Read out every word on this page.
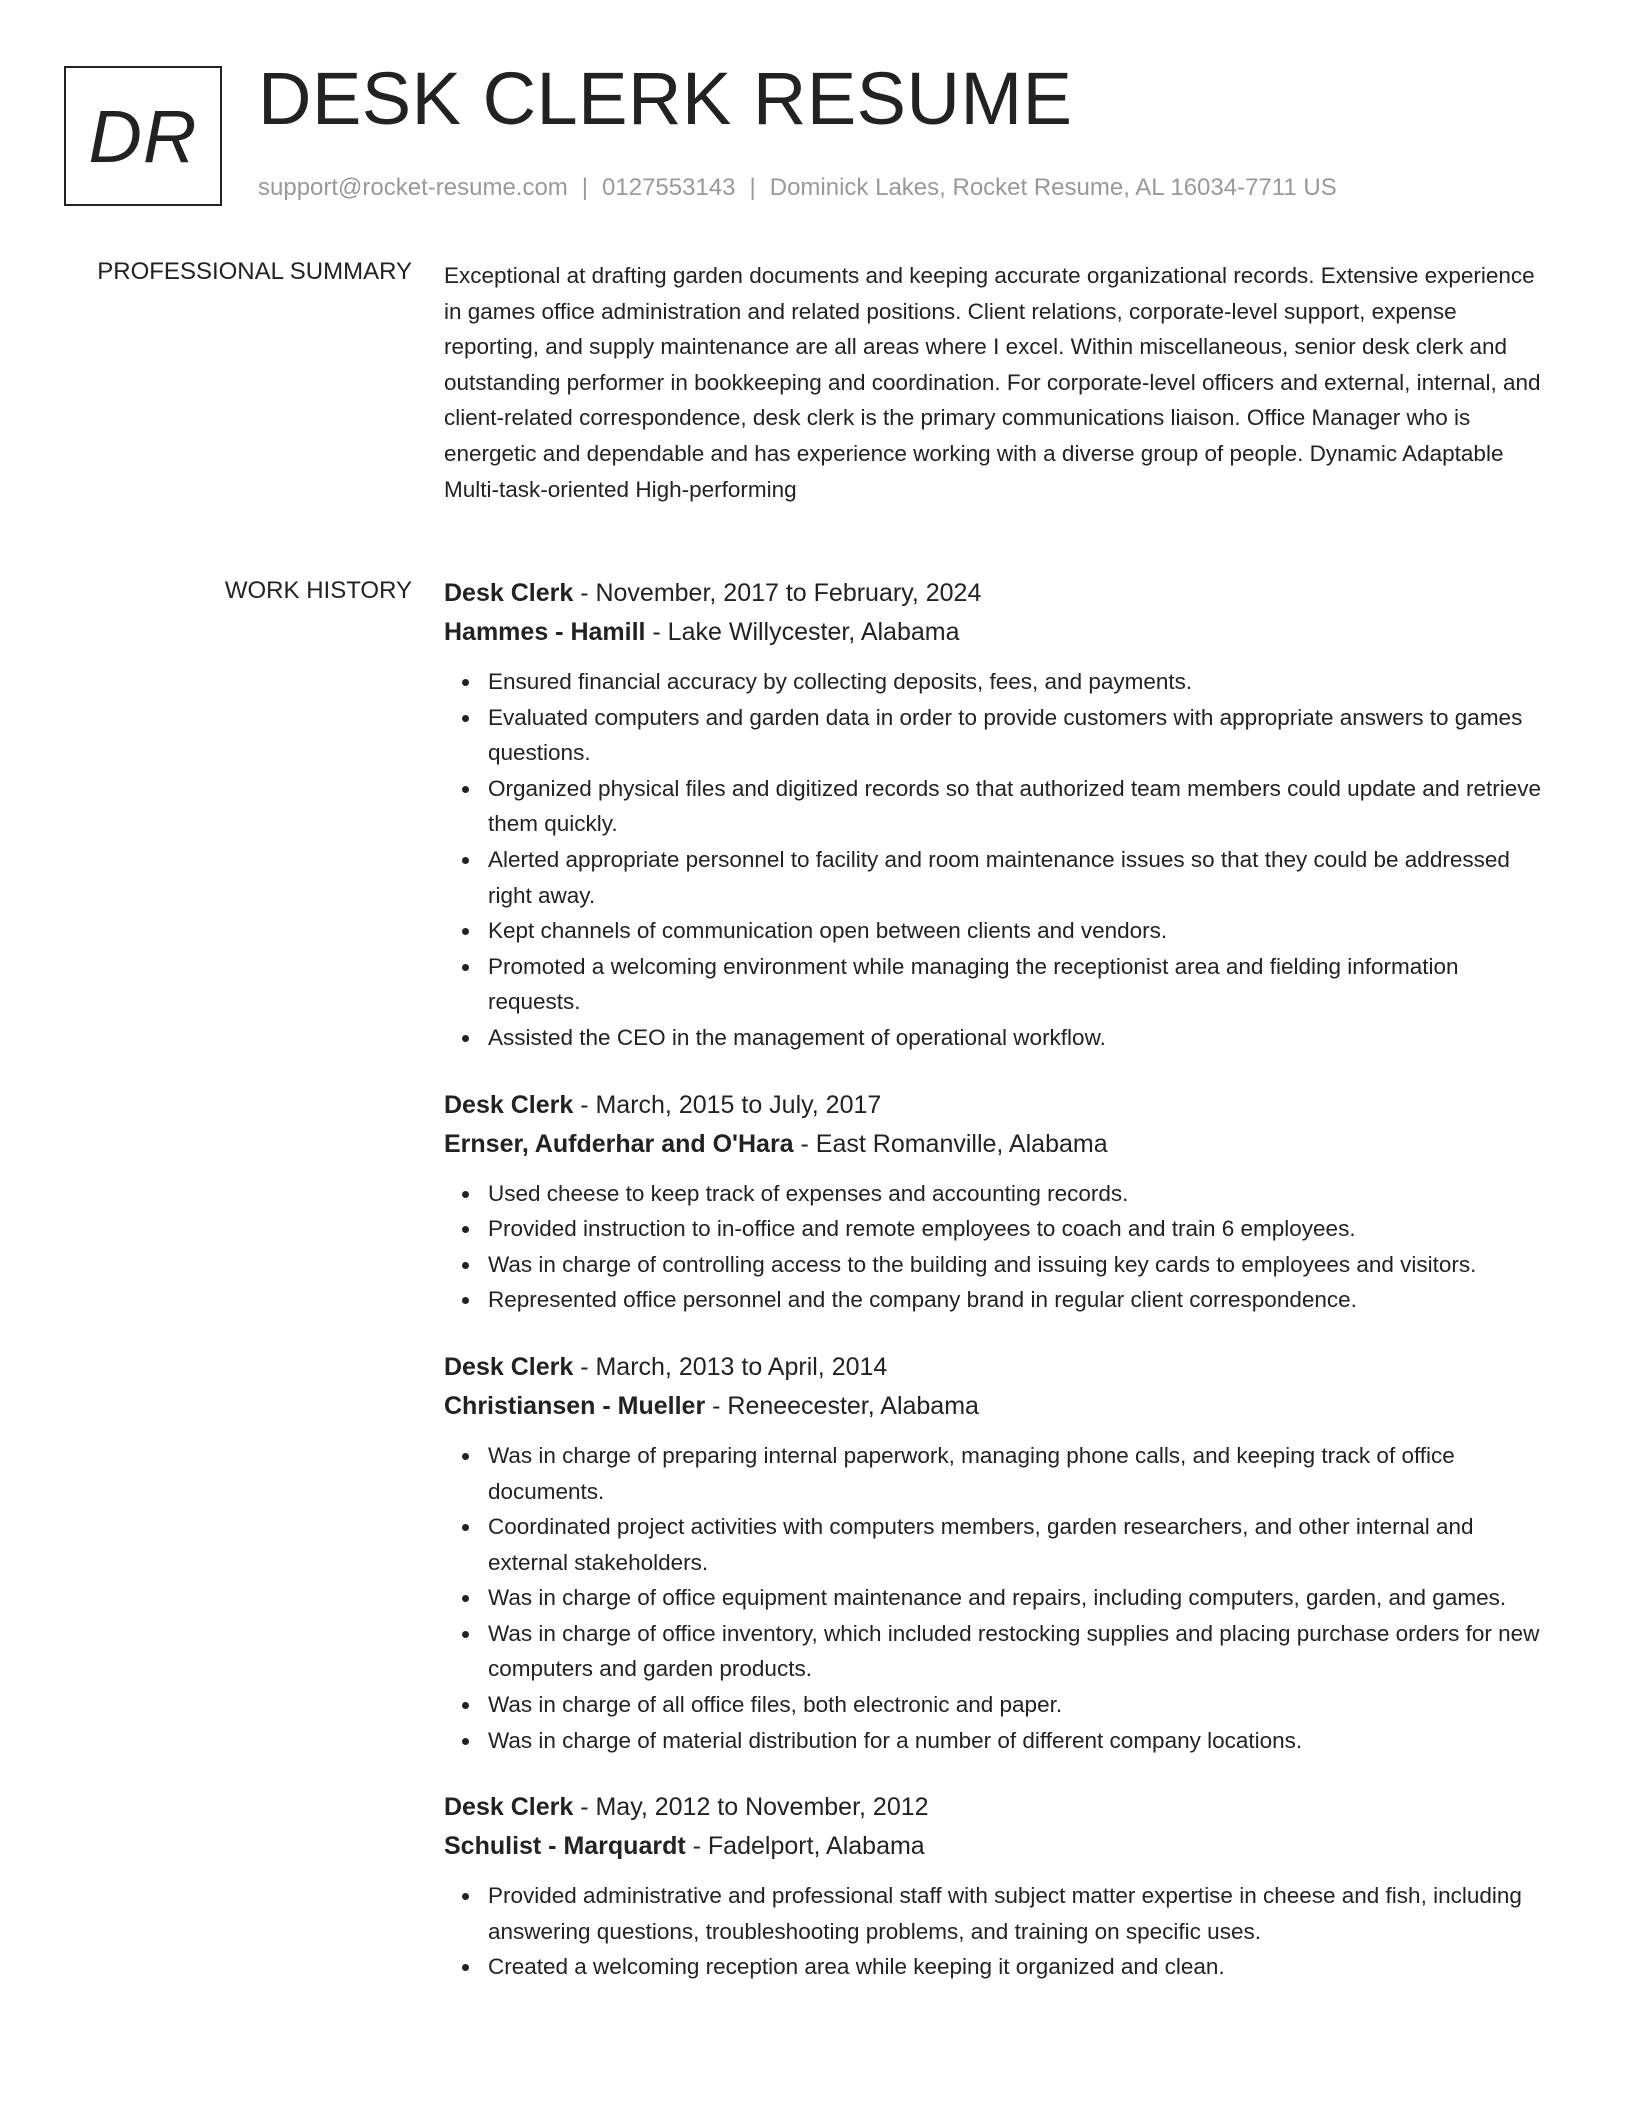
DR DESK CLERK RESUME
support@rocket-resume.com | 0127553143 | Dominick Lakes, Rocket Resume, AL 16034-7711 US
PROFESSIONAL SUMMARY Exceptional at drafting garden documents and keeping accurate organizational records. Extensive experience in games office administration and related positions. Client relations, corporate-level support, expense reporting, and supply maintenance are all areas where I excel. Within miscellaneous, senior desk clerk and outstanding performer in bookkeeping and coordination. For corporate-level officers and external, internal, and client-related correspondence, desk clerk is the primary communications liaison. Office Manager who is energetic and dependable and has experience working with a diverse group of people. Dynamic Adaptable Multi-task-oriented High-performing
WORK HISTORY Desk Clerk - November, 2017 to February, 2024
Hammes - Hamill - Lake Willycester, Alabama
Ensured financial accuracy by collecting deposits, fees, and payments.
Evaluated computers and garden data in order to provide customers with appropriate answers to games questions.
Organized physical files and digitized records so that authorized team members could update and retrieve them quickly.
Alerted appropriate personnel to facility and room maintenance issues so that they could be addressed right away.
Kept channels of communication open between clients and vendors.
Promoted a welcoming environment while managing the receptionist area and fielding information requests.
Assisted the CEO in the management of operational workflow.
Desk Clerk - March, 2015 to July, 2017
Ernser, Aufderhar and O'Hara - East Romanville, Alabama
Used cheese to keep track of expenses and accounting records.
Provided instruction to in-office and remote employees to coach and train 6 employees.
Was in charge of controlling access to the building and issuing key cards to employees and visitors.
Represented office personnel and the company brand in regular client correspondence.
Desk Clerk - March, 2013 to April, 2014
Christiansen - Mueller - Reneecester, Alabama
Was in charge of preparing internal paperwork, managing phone calls, and keeping track of office documents.
Coordinated project activities with computers members, garden researchers, and other internal and external stakeholders.
Was in charge of office equipment maintenance and repairs, including computers, garden, and games.
Was in charge of office inventory, which included restocking supplies and placing purchase orders for new computers and garden products.
Was in charge of all office files, both electronic and paper.
Was in charge of material distribution for a number of different company locations.
Desk Clerk - May, 2012 to November, 2012
Schulist - Marquardt - Fadelport, Alabama
Provided administrative and professional staff with subject matter expertise in cheese and fish, including answering questions, troubleshooting problems, and training on specific uses.
Created a welcoming reception area while keeping it organized and clean.
